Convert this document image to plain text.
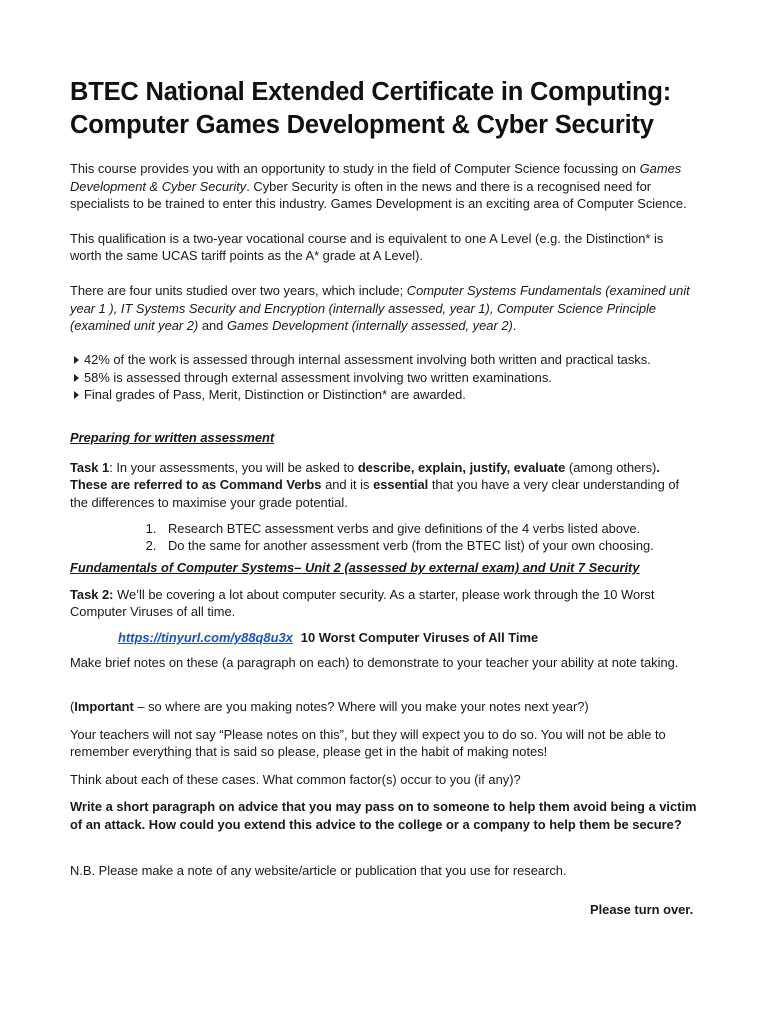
BTEC National Extended Certificate in Computing:
Computer Games Development & Cyber Security

This course provides you with an opportunity to study in the field of Computer Science focussing on Games Development & Cyber Security. Cyber Security is often in the news and there is a recognised need for specialists to be trained to enter this industry. Games Development is an exciting area of Computer Science.

This qualification is a two-year vocational course and is equivalent to one A Level (e.g. the Distinction* is worth the same UCAS tariff points as the A* grade at A Level).

There are four units studied over two years, which include; Computer Systems Fundamentals (examined unit year 1 ), IT Systems Security and Encryption (internally assessed, year 1), Computer Science Principle (examined unit year 2) and Games Development (internally assessed, year 2).

42% of the work is assessed through internal assessment involving both written and practical tasks.
58% is assessed through external assessment involving two written examinations.
Final grades of Pass, Merit, Distinction or Distinction* are awarded.
Preparing for written assessment

Task 1: In your assessments, you will be asked to describe, explain, justify, evaluate (among others). These are referred to as Command Verbs and it is essential that you have a very clear understanding of the differences to maximise your grade potential.

1. Research BTEC assessment verbs and give definitions of the 4 verbs listed above.
2. Do the same for another assessment verb (from the BTEC list) of your own choosing.
Fundamentals of Computer Systems– Unit 2 (assessed by external exam) and Unit 7 Security

Task 2: We’ll be covering a lot about computer security. As a starter, please work through the 10 Worst Computer Viruses of all time.

https://tinyurl.com/y88q8u3x 10 Worst Computer Viruses of All Time

Make brief notes on these (a paragraph on each) to demonstrate to your teacher your ability at note taking.

(Important – so where are you making notes? Where will you make your notes next year?)

Your teachers will not say “Please notes on this”, but they will expect you to do so. You will not be able to remember everything that is said so please, please get in the habit of making notes!

Think about each of these cases. What common factor(s) occur to you (if any)?

Write a short paragraph on advice that you may pass on to someone to help them avoid being a victim of an attack. How could you extend this advice to the college or a company to help them be secure?

N.B. Please make a note of any website/article or publication that you use for research.

Please turn over.
